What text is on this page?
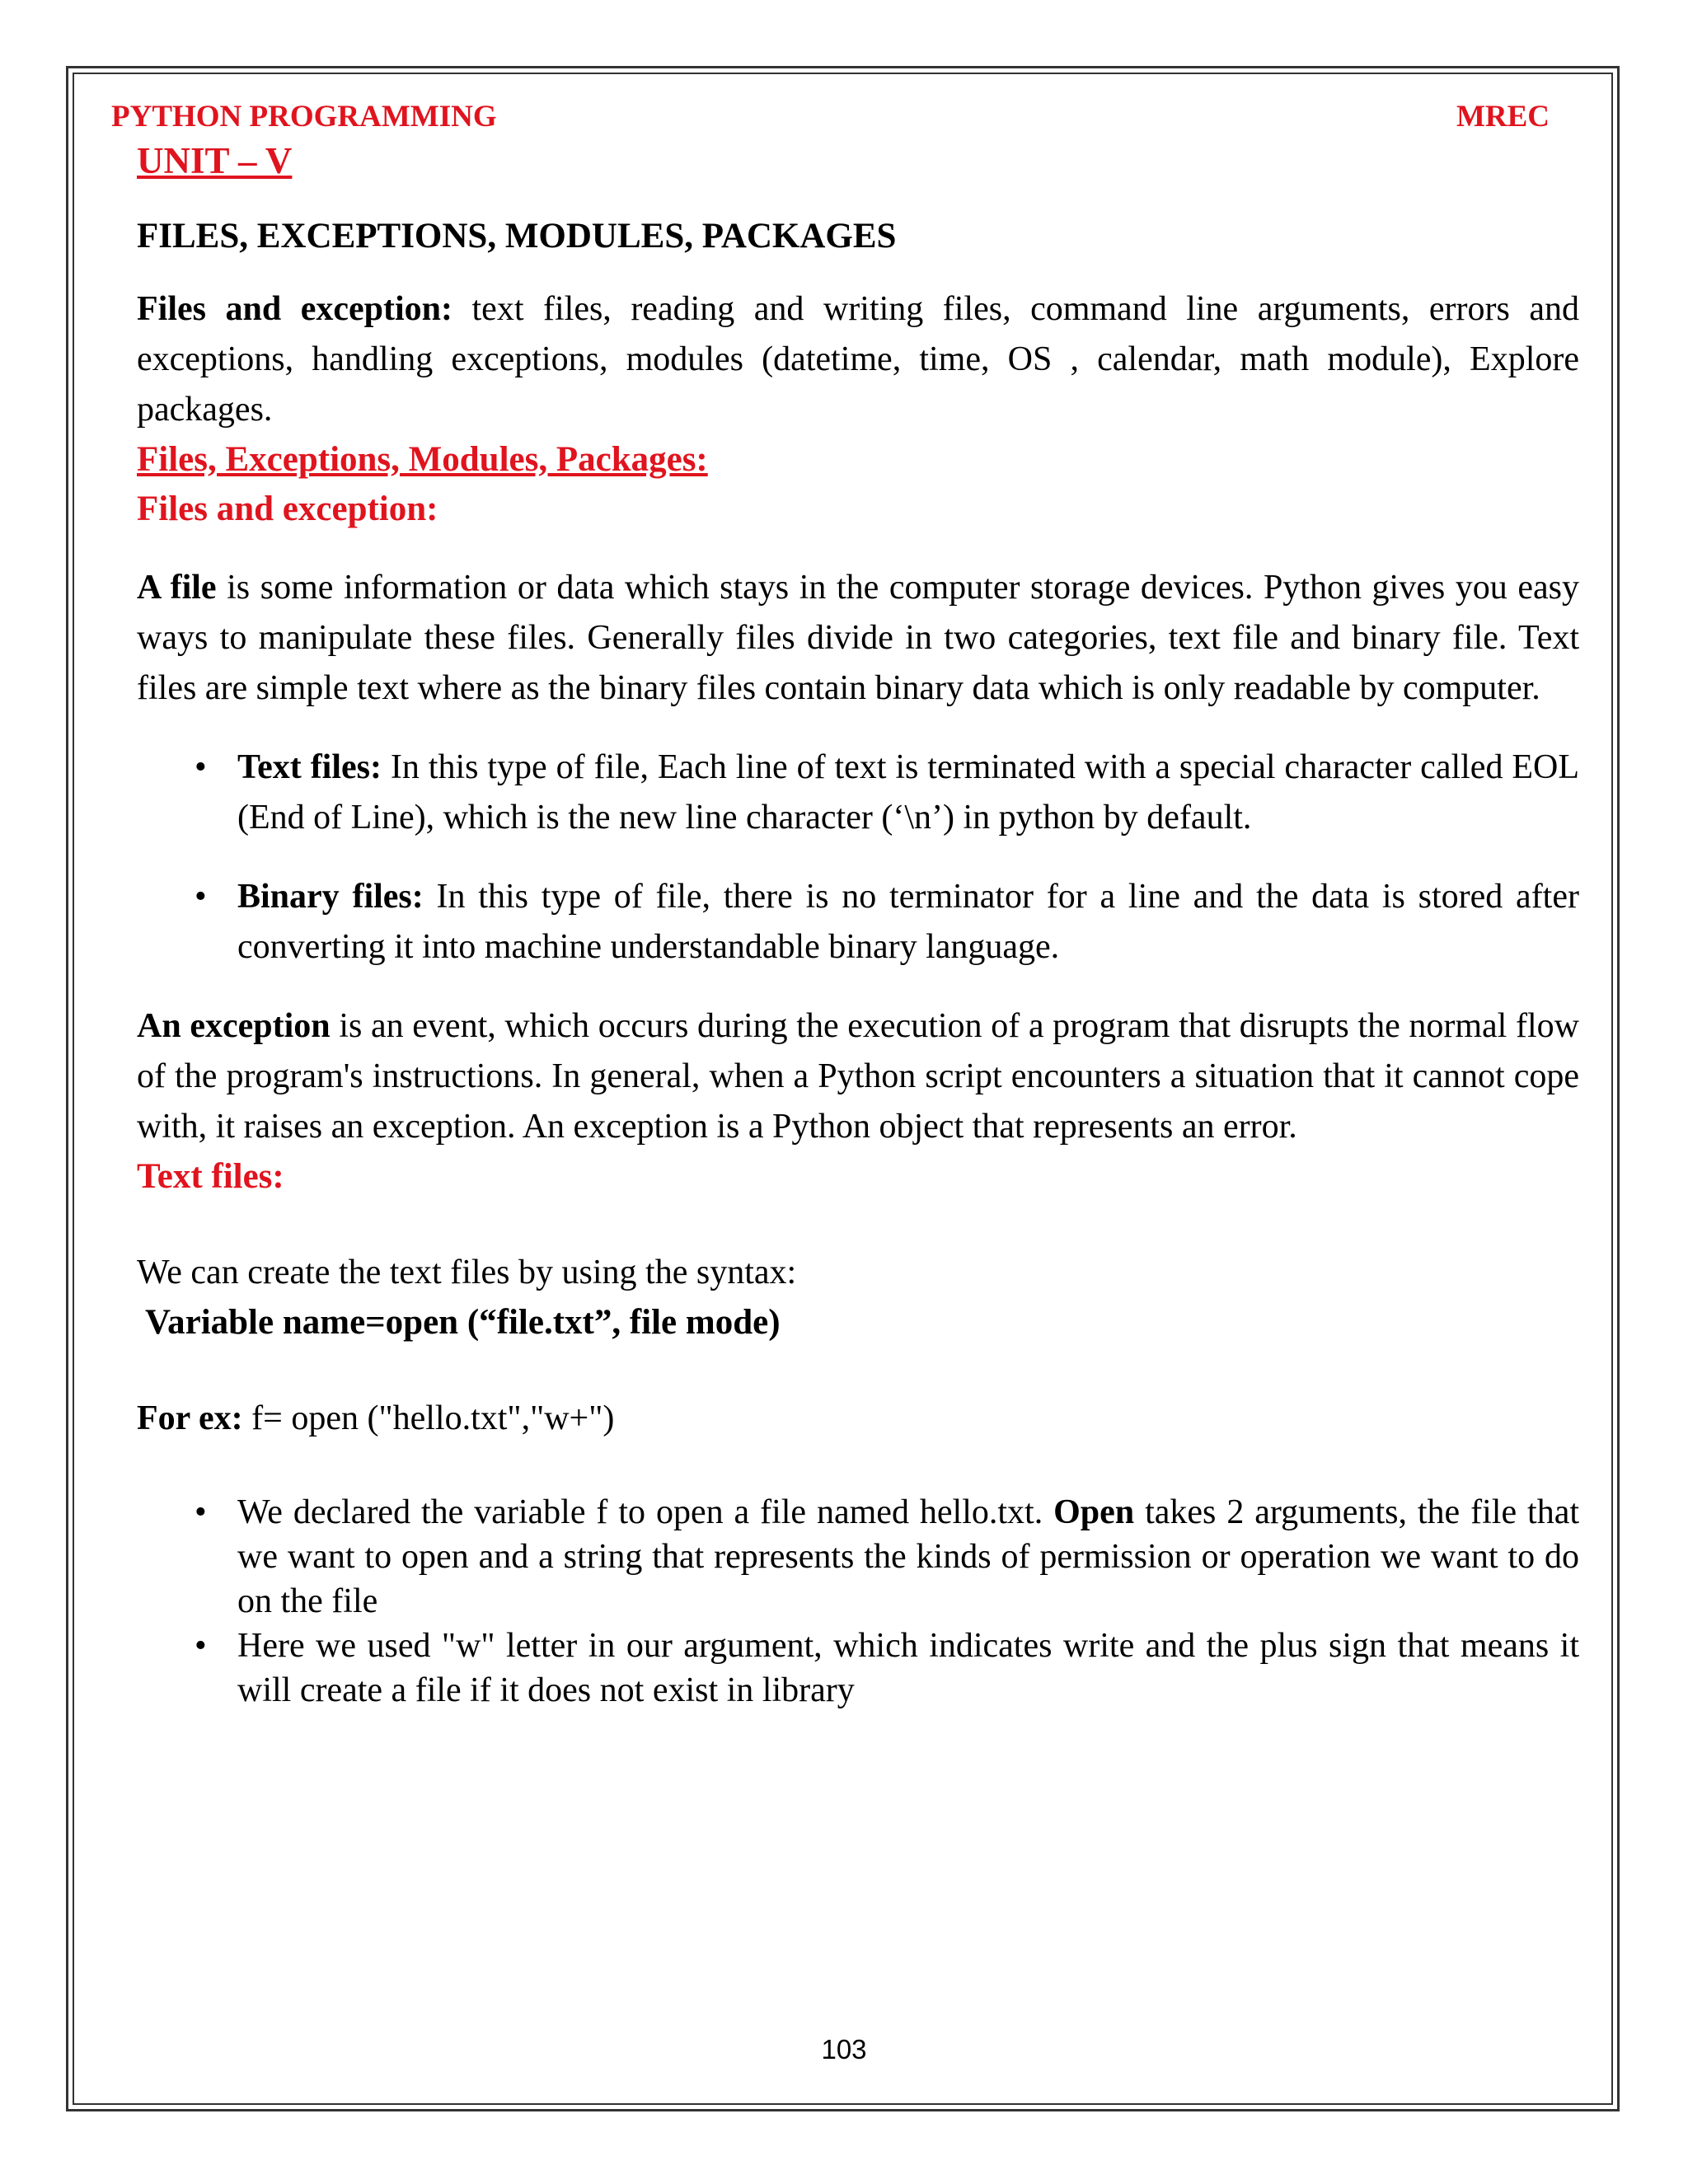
PYTHON PROGRAMMING	MREC
UNIT – V
FILES, EXCEPTIONS, MODULES, PACKAGES

Files and exception: text files, reading and writing files, command line arguments, errors and exceptions, handling exceptions, modules (datetime, time, OS , calendar, math module), Explore packages.

Files, Exceptions, Modules, Packages:
Files and exception:

A file is some information or data which stays in the computer storage devices. Python gives you easy ways to manipulate these files. Generally files divide in two categories, text file and binary file. Text files are simple text where as the binary files contain binary data which is only readable by computer.

• Text files: In this type of file, Each line of text is terminated with a special character called EOL (End of Line), which is the new line character (‘\n’) in python by default.
• Binary files: In this type of file, there is no terminator for a line and the data is stored after converting it into machine understandable binary language.

An exception is an event, which occurs during the execution of a program that disrupts the normal flow of the program's instructions. In general, when a Python script encounters a situation that it cannot cope with, it raises an exception. An exception is a Python object that represents an error.

Text files:

We can create the text files by using the syntax:

Variable name=open (“file.txt”, file mode)

For ex: f= open ("hello.txt","w+")

• We declared the variable f to open a file named hello.txt. Open takes 2 arguments, the file that we want to open and a string that represents the kinds of permission or operation we want to do on the file
• Here we used "w" letter in our argument, which indicates write and the plus sign that means it will create a file if it does not exist in library
103
